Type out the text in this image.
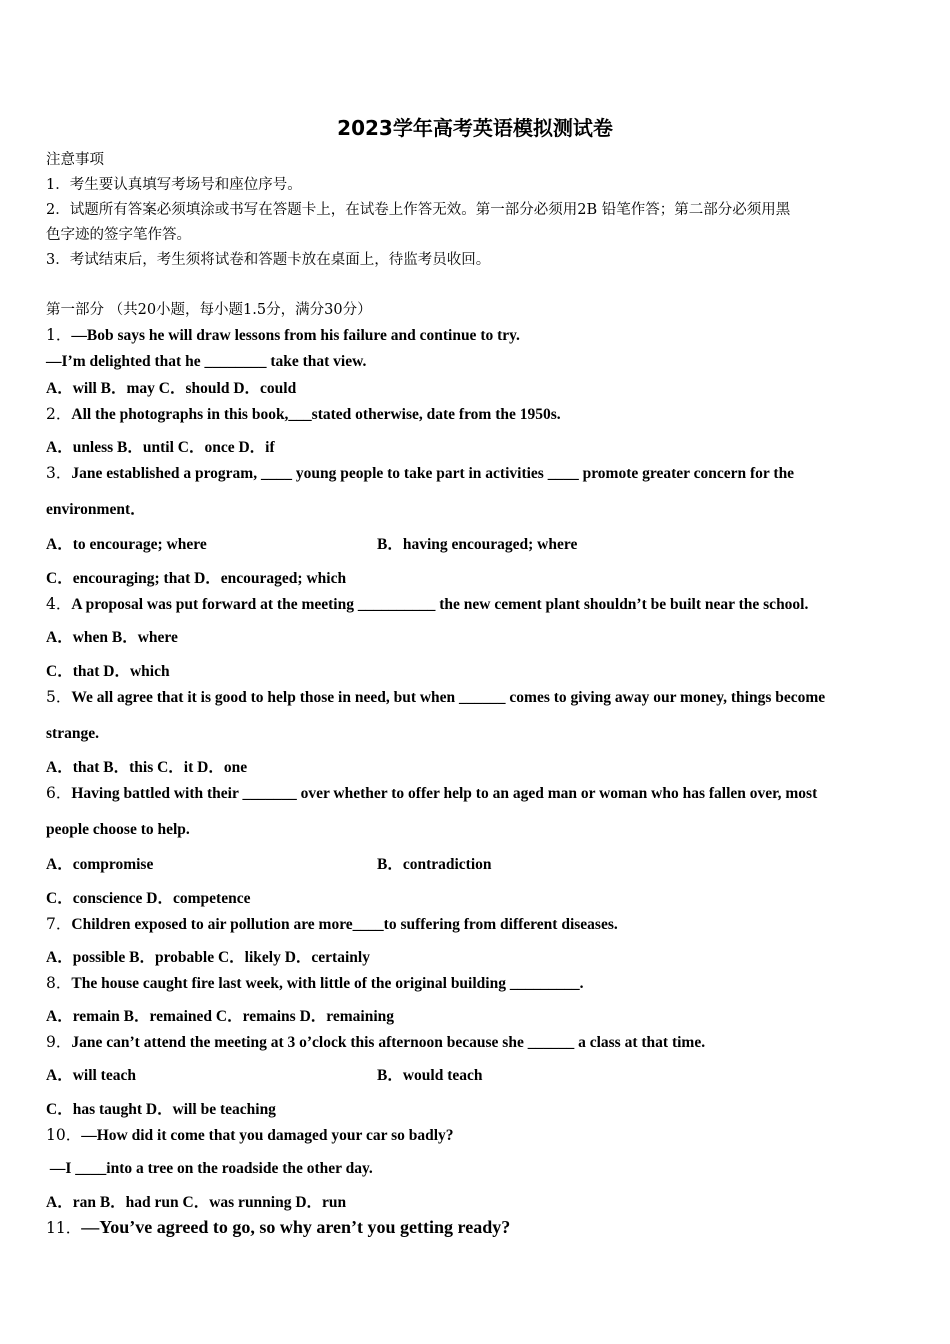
2023学年高考英语模拟测试卷
注意事项
1．考生要认真填写考场号和座位序号。
2．试题所有答案必须填涂或书写在答题卡上，在试卷上作答无效。第一部分必须用2B 铅笔作答；第二部分必须用黑
色字迹的签字笔作答。
3．考试结束后，考生须将试卷和答题卡放在桌面上，待监考员收回。
第一部分 （共20小题，每小题1.5分，满分30分）
1．—Bob says he will draw lessons from his failure and continue to try.
—I’m delighted that he ________ take that view.
A．will B．may C．should D．could
2．All the photographs in this book,___stated otherwise, date from the 1950s.
A．unless B．until C．once D．if
3．Jane established a program, ____ young people to take part in activities ____ promote greater concern for the
environment．
A．to encourage; where	B．having encouraged; where
C．encouraging; that D．encouraged; which
4．A proposal was put forward at the meeting __________ the new cement plant shouldn’t be built near the school.
A．when B．where
C．that D．which
5．We all agree that it is good to help those in need, but when ______ comes to giving away our money, things become
strange.
A．that B．this C．it D．one
6．Having battled with their _______ over whether to offer help to an aged man or woman who has fallen over, most
people choose to help.
A．compromise	B．contradiction
C．conscience D．competence
7．Children exposed to air pollution are more____to suffering from different diseases.
A．possible B．probable C．likely D．certainly
8．The house caught fire last week, with little of the original building _________.
A．remain B．remained C．remains D．remaining
9．Jane can’t attend the meeting at 3 o’clock this afternoon because she ______ a class at that time.
A．will teach	B．would teach
C．has taught D．will be teaching
10．—How did it come that you damaged your car so badly?
—I ____into a tree on the roadside the other day.
A．ran B．had run C．was running D．run
11．—You’ve agreed to go, so why aren’t you getting ready?
